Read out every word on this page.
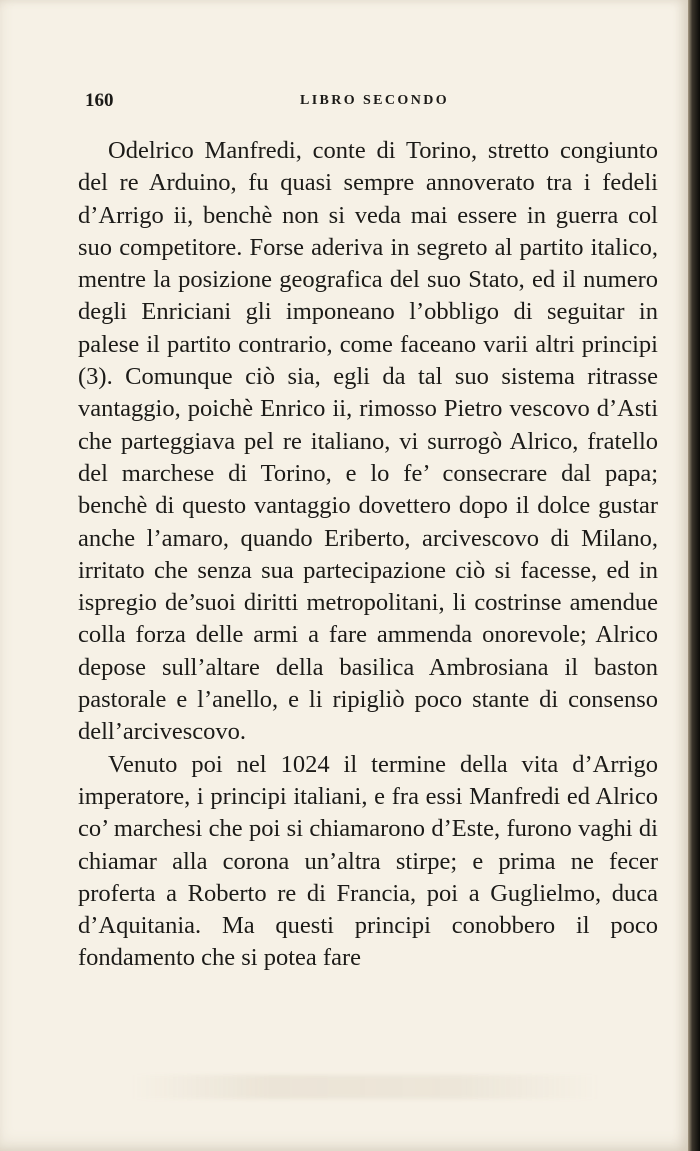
160	LIBRO SECONDO

Odelrico Manfredi, conte di Torino, stretto congiunto del re Arduino, fu quasi sempre annoverato tra i fedeli d’Arrigo ii, benchè non si veda mai essere in guerra col suo competitore. Forse aderiva in segreto al partito italico, mentre la posizione geografica del suo Stato, ed il numero degli Enriciani gli imponeano l’obbligo di seguitar in palese il partito contrario, come faceano varii altri principi (3). Comunque ciò sia, egli da tal suo sistema ritrasse vantaggio, poichè Enrico ii, rimosso Pietro vescovo d’Asti che parteggiava pel re italiano, vi surrogò Alrico, fratello del marchese di Torino, e lo fe’ consecrare dal papa; benchè di questo vantaggio dovettero dopo il dolce gustar anche l’amaro, quando Eriberto, arcivescovo di Milano, irritato che senza sua partecipazione ciò si facesse, ed in ispregio de’suoi diritti metropolitani, li costrinse amendue colla forza delle armi a fare ammenda onorevole; Alrico depose sull’altare della basilica Ambrosiana il baston pastorale e l’anello, e li ripigliò poco stante di consenso dell’arcivescovo.

Venuto poi nel 1024 il termine della vita d’Arrigo imperatore, i principi italiani, e fra essi Manfredi ed Alrico co’ marchesi che poi si chiamarono d’Este, furono vaghi di chiamar alla corona un’altra stirpe; e prima ne fecer proferta a Roberto re di Francia, poi a Guglielmo, duca d’Aquitania. Ma questi principi conobbero il poco fondamento che si potea fare
